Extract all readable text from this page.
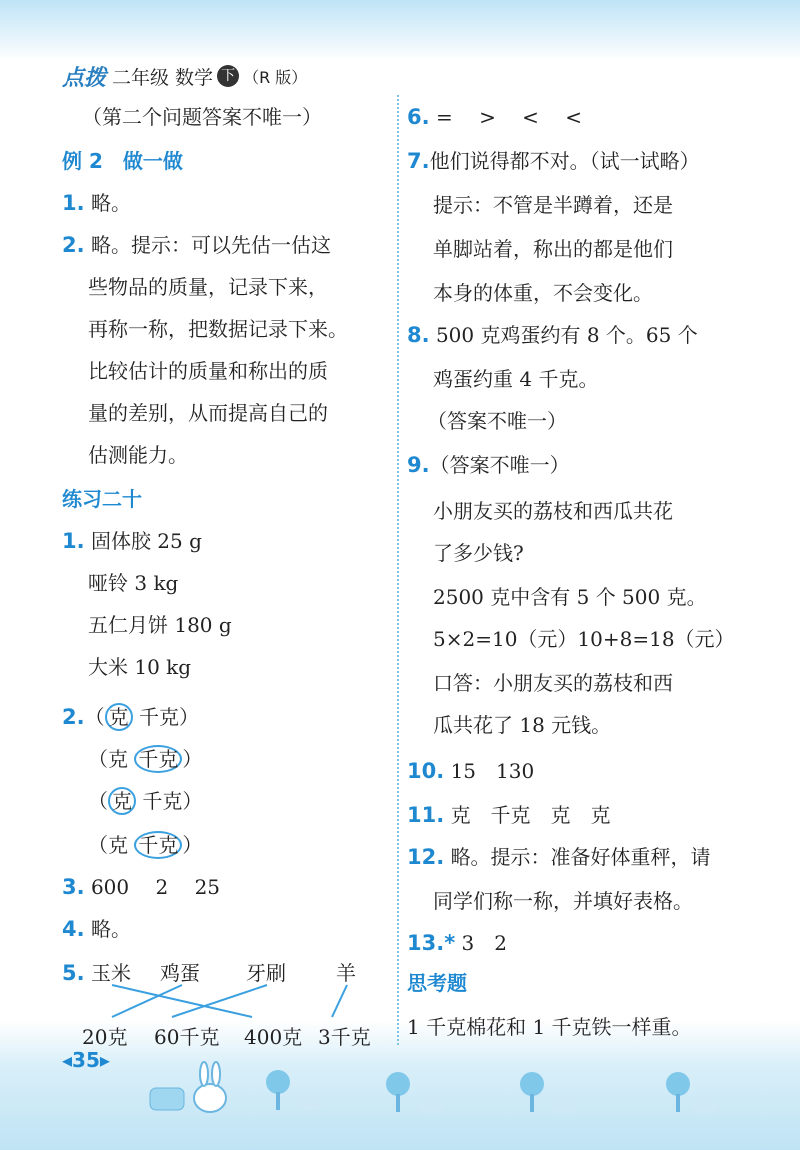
点拨 二年级 数学 下 （R 版）
（第二个问题答案不唯一）
例 2　做一做
1. 略。
2. 略。提示：可以先估一估这
些物品的质量，记录下来，
再称一称，把数据记录下来。
比较估计的质量和称出的质
量的差别，从而提高自己的
估测能力。
练习二十
1. 固体胶 25 g
哑铃 3 kg
五仁月饼 180 g
大米 10 kg
2.（ 克 千克）
（克 千克 ）
（ 克 千克）
（克 千克 ）
3. 600　 2　 25
4. 略。
5. 玉米 鸡蛋 牙刷	羊
20克 60千克 400克 3千克
6. =　 >　 <　 <
7.他们说得都不对。（试一试略）
提示：不管是半蹲着，还是
单脚站着，称出的都是他们
本身的体重，不会变化。
8. 500 克鸡蛋约有 8 个。65 个
鸡蛋约重 4 千克。
（答案不唯一）
9.（答案不唯一）
小朋友买的荔枝和西瓜共花
了多少钱?
2500 克中含有 5 个 500 克。
5×2=10（元）10+8=18（元）
口答：小朋友买的荔枝和西
瓜共花了 18 元钱。
10. 15　130
11. 克　千克　克　克
12. 略。提示：准备好体重秤，请
同学们称一称，并填好表格。
13.* 3　2
思考题
1 千克棉花和 1 千克铁一样重。
◂35▸
